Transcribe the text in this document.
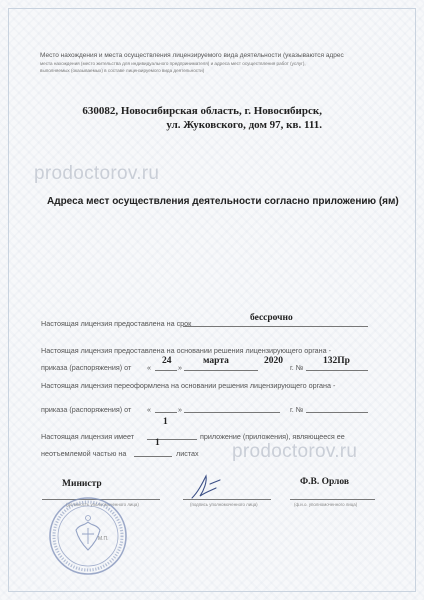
Место нахождения и места осуществления лицензируемого вида деятельности (указываются адрес
места нахождения (место жительства для индивидуального предпринимателя) и адреса мест осуществления работ (услуг),
выполняемых (оказываемых) в составе лицензируемого вида деятельности)
630082, Новосибирская область, г. Новосибирск,
ул. Жуковского, дом 97, кв. 111.
prodoctorov.ru
Адреса мест осуществления деятельности согласно приложению (ям)
бессрочно
Настоящая лицензия предоставлена на срок
Настоящая лицензия предоставлена на основании решения лицензирующего органа -
приказа (распоряжения) от «
24
»
марта	2020
г. №
132Пр
Настоящая лицензия переоформлена на основании решения лицензирующего органа -
приказа (распоряжения) от «	»	г. №
1
Настоящая лицензия имеет	приложение (приложения), являющееся ее
1
неотъемлемой частью на	листах prodoctorov.ru
Министр	Ф.В. Орлов
(должность уполномоченного лица)	(подпись уполномоченного лица)	(ф.и.о. уполномоченного лица)
М.П.
